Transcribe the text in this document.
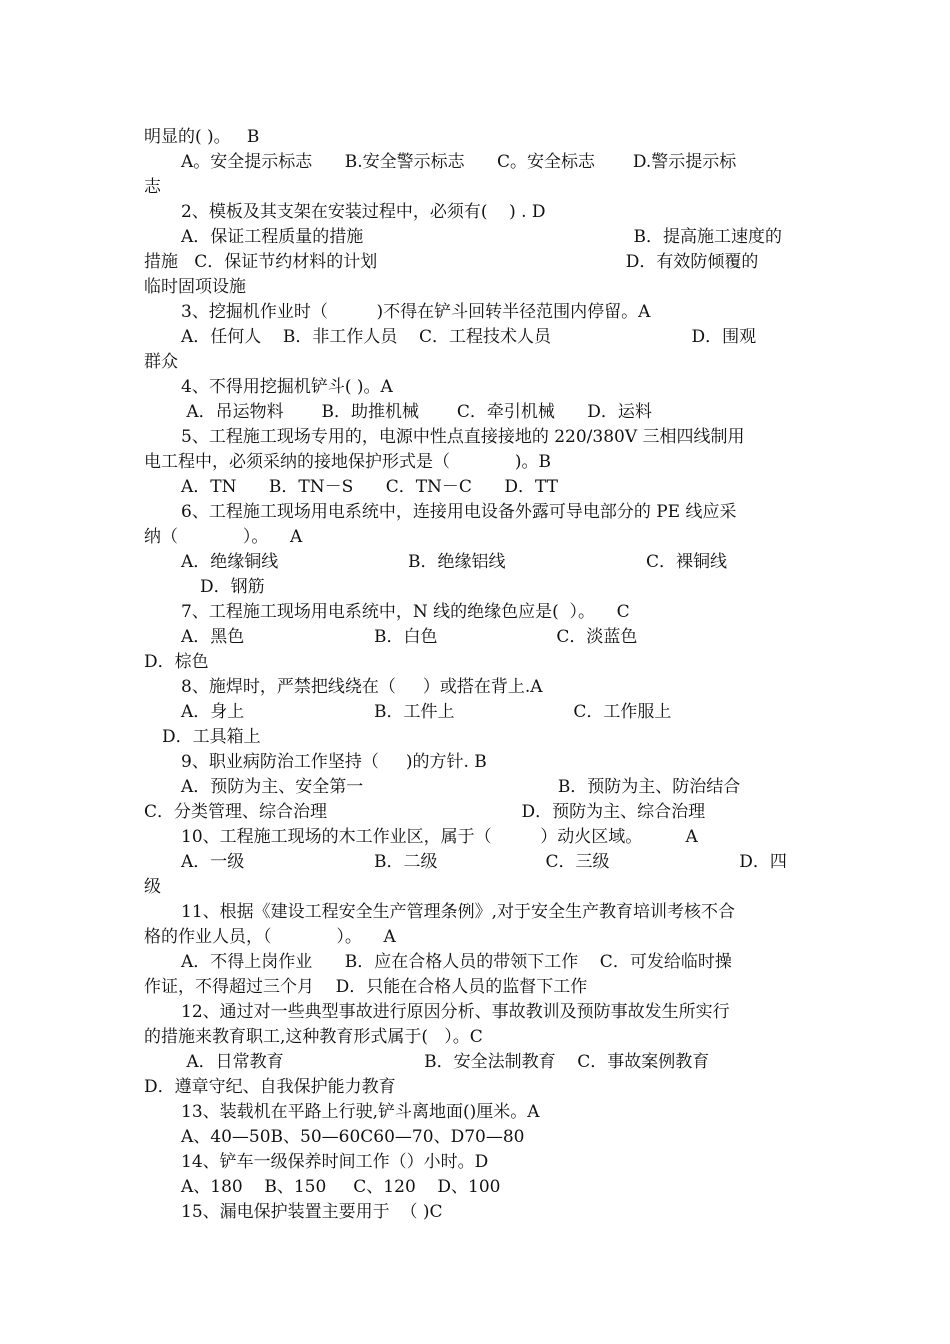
明显的( )。   B
A。安全提示标志      B.安全警示标志      C。安全标志       D.警示提示标
志
2、模板及其支架在安装过程中，必须有(    ) . D
A．保证工程质量的措施                                                  B．提高施工速度的
措施   C．保证节约材料的计划                                              D．有效防倾覆的
临时固项设施
3、挖掘机作业时（         )不得在铲斗回转半径范围内停留。A
A．任何人    B．非工作人员    C．工程技术人员                          D．围观
群众
4、不得用挖掘机铲斗( )。A
A．吊运物料       B．助推机械       C．牵引机械      D．运料
5、工程施工现场专用的，电源中性点直接接地的 220/380V 三相四线制用
电工程中，必须采纳的接地保护形式是（            )。B
A．TN      B．TN－S      C．TN－C      D．TT
6、工程施工现场用电系统中，连接用电设备外露可导电部分的 PE 线应采
纳（            ）。    A
A．绝缘铜线                        B．绝缘铝线                          C．裸铜线
D．钢筋
7、工程施工现场用电系统中，N 线的绝缘色应是(  ）。    C
A．黑色                        B．白色                      C．淡蓝色
D．棕色
8、施焊时，严禁把线绕在（     ）或搭在背上.A
A．身上                        B．工件上                      C．工作服上
D．工具箱上
9、职业病防治工作坚持（     )的方针. B
A．预防为主、安全第一                                    B．预防为主、防治结合
C．分类管理、综合治理                                    D．预防为主、综合治理
10、工程施工现场的木工作业区，属于（         ）动火区域。        A
A．一级                        B．二级                    C．三级                        D．四
级
11、根据《建设工程安全生产管理条例》,对于安全生产教育培训考核不合
格的作业人员，（            ）。    A
A．不得上岗作业      B．应在合格人员的带领下工作    C．可发给临时操
作证，不得超过三个月    D．只能在合格人员的监督下工作
12、通过对一些典型事故进行原因分析、事故教训及预防事故发生所实行
的措施来教育职工,这种教育形式属于(   ）。C
A．日常教育                          B．安全法制教育    C．事故案例教育
D．遵章守纪、自我保护能力教育
13、装载机在平路上行驶,铲斗离地面()厘米。A
A、40—50B、50—60C60—70、D70—80
14、铲车一级保养时间工作（）小时。D
A、180    B、150     C、120    D、100
15、漏电保护装置主要用于  （ )C
